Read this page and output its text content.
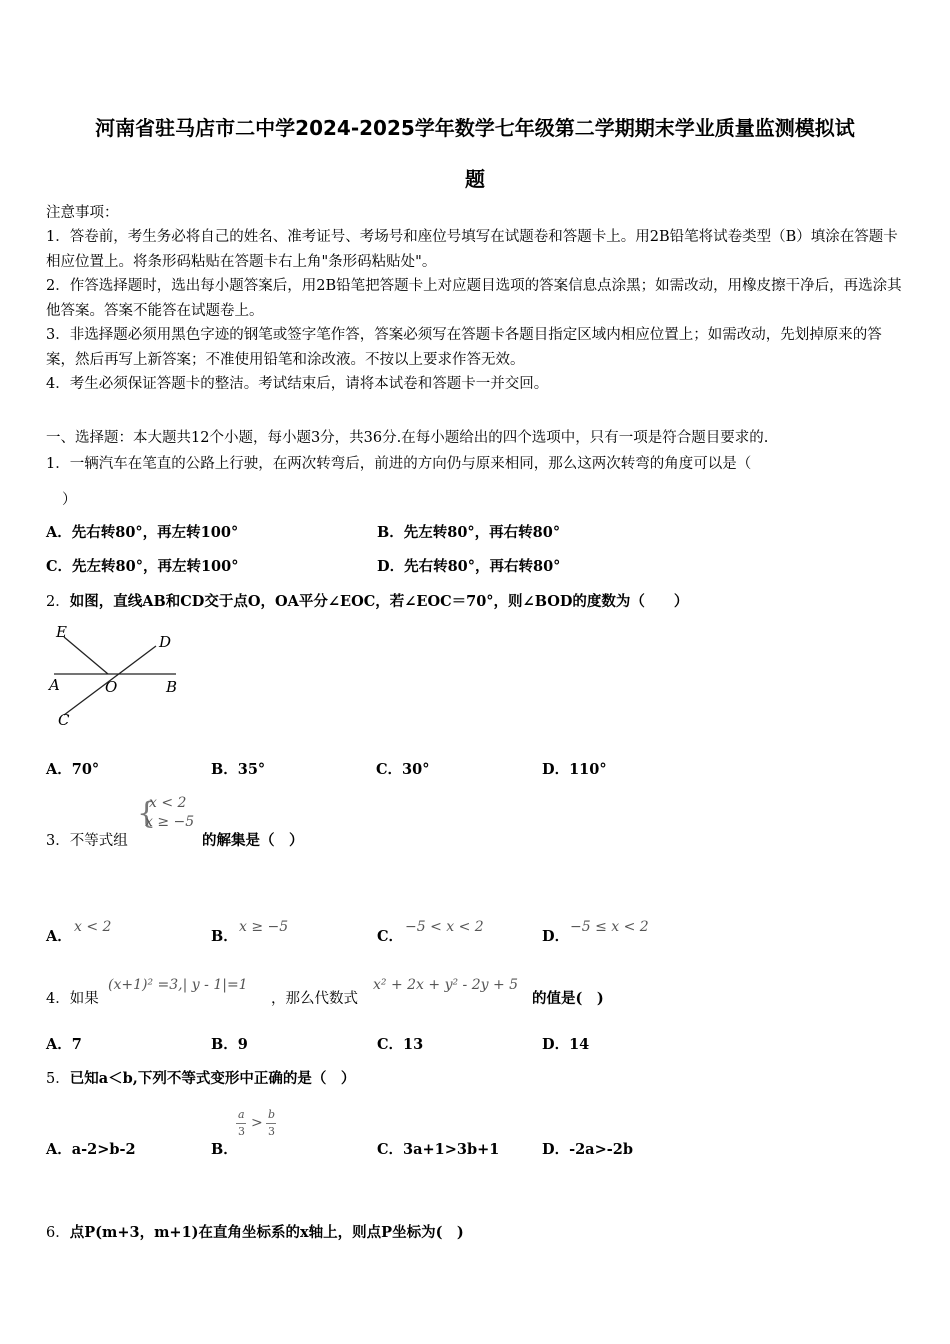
河南省驻马店市二中学2024-2025学年数学七年级第二学期期末学业质量监测模拟试
题
注意事项：
1．答卷前，考生务必将自己的姓名、准考证号、考场号和座位号填写在试题卷和答题卡上。用2B铅笔将试卷类型（B）填涂在答题卡相应位置上。将条形码粘贴在答题卡右上角"条形码粘贴处"。
2．作答选择题时，选出每小题答案后，用2B铅笔把答题卡上对应题目选项的答案信息点涂黑；如需改动，用橡皮擦干净后，再选涂其他答案。答案不能答在试题卷上。
3．非选择题必须用黑色字迹的钢笔或签字笔作答，答案必须写在答题卡各题目指定区域内相应位置上；如需改动，先划掉原来的答案，然后再写上新答案；不准使用铅笔和涂改液。不按以上要求作答无效。
4．考生必须保证答题卡的整洁。考试结束后，请将本试卷和答题卡一并交回。
一、选择题：本大题共12个小题，每小题3分，共36分.在每小题给出的四个选项中，只有一项是符合题目要求的.
1．一辆汽车在笔直的公路上行驶，在两次转弯后，前进的方向仍与原来相同，那么这两次转弯的角度可以是（
）
A．先右转80°，再左转100°	B．先左转80°，再右转80°
C．先左转80°，再左转100°	D．先右转80°，再右转80°
2．如图，直线AB和CD交于点O，OA平分∠EOC，若∠EOC＝70°，则∠BOD的度数为（　　）
E
D
A	O	B
C
A．70°	B．35°	C．30°	D．110°
3．不等式组
{
x < 2
x ≥ −5
的解集是（　）
A．
x < 2
B．
x ≥ −5
C．
−5 < x < 2
D．
−5 ≤ x < 2
4．如果
(x+1)² =3,| y - 1|=1
，那么代数式
x² + 2x + y² - 2y + 5
的值是(　)
A．7	B．9	C．13	D．14
5．已知a＜b,下列不等式变形中正确的是（　）
A．a-2>b-2	B．
a
3
>
b
3
C．3a+1>3b+1	D．-2a>-2b
6．点P(m+3，m+1)在直角坐标系的x轴上，则点P坐标为(　)
